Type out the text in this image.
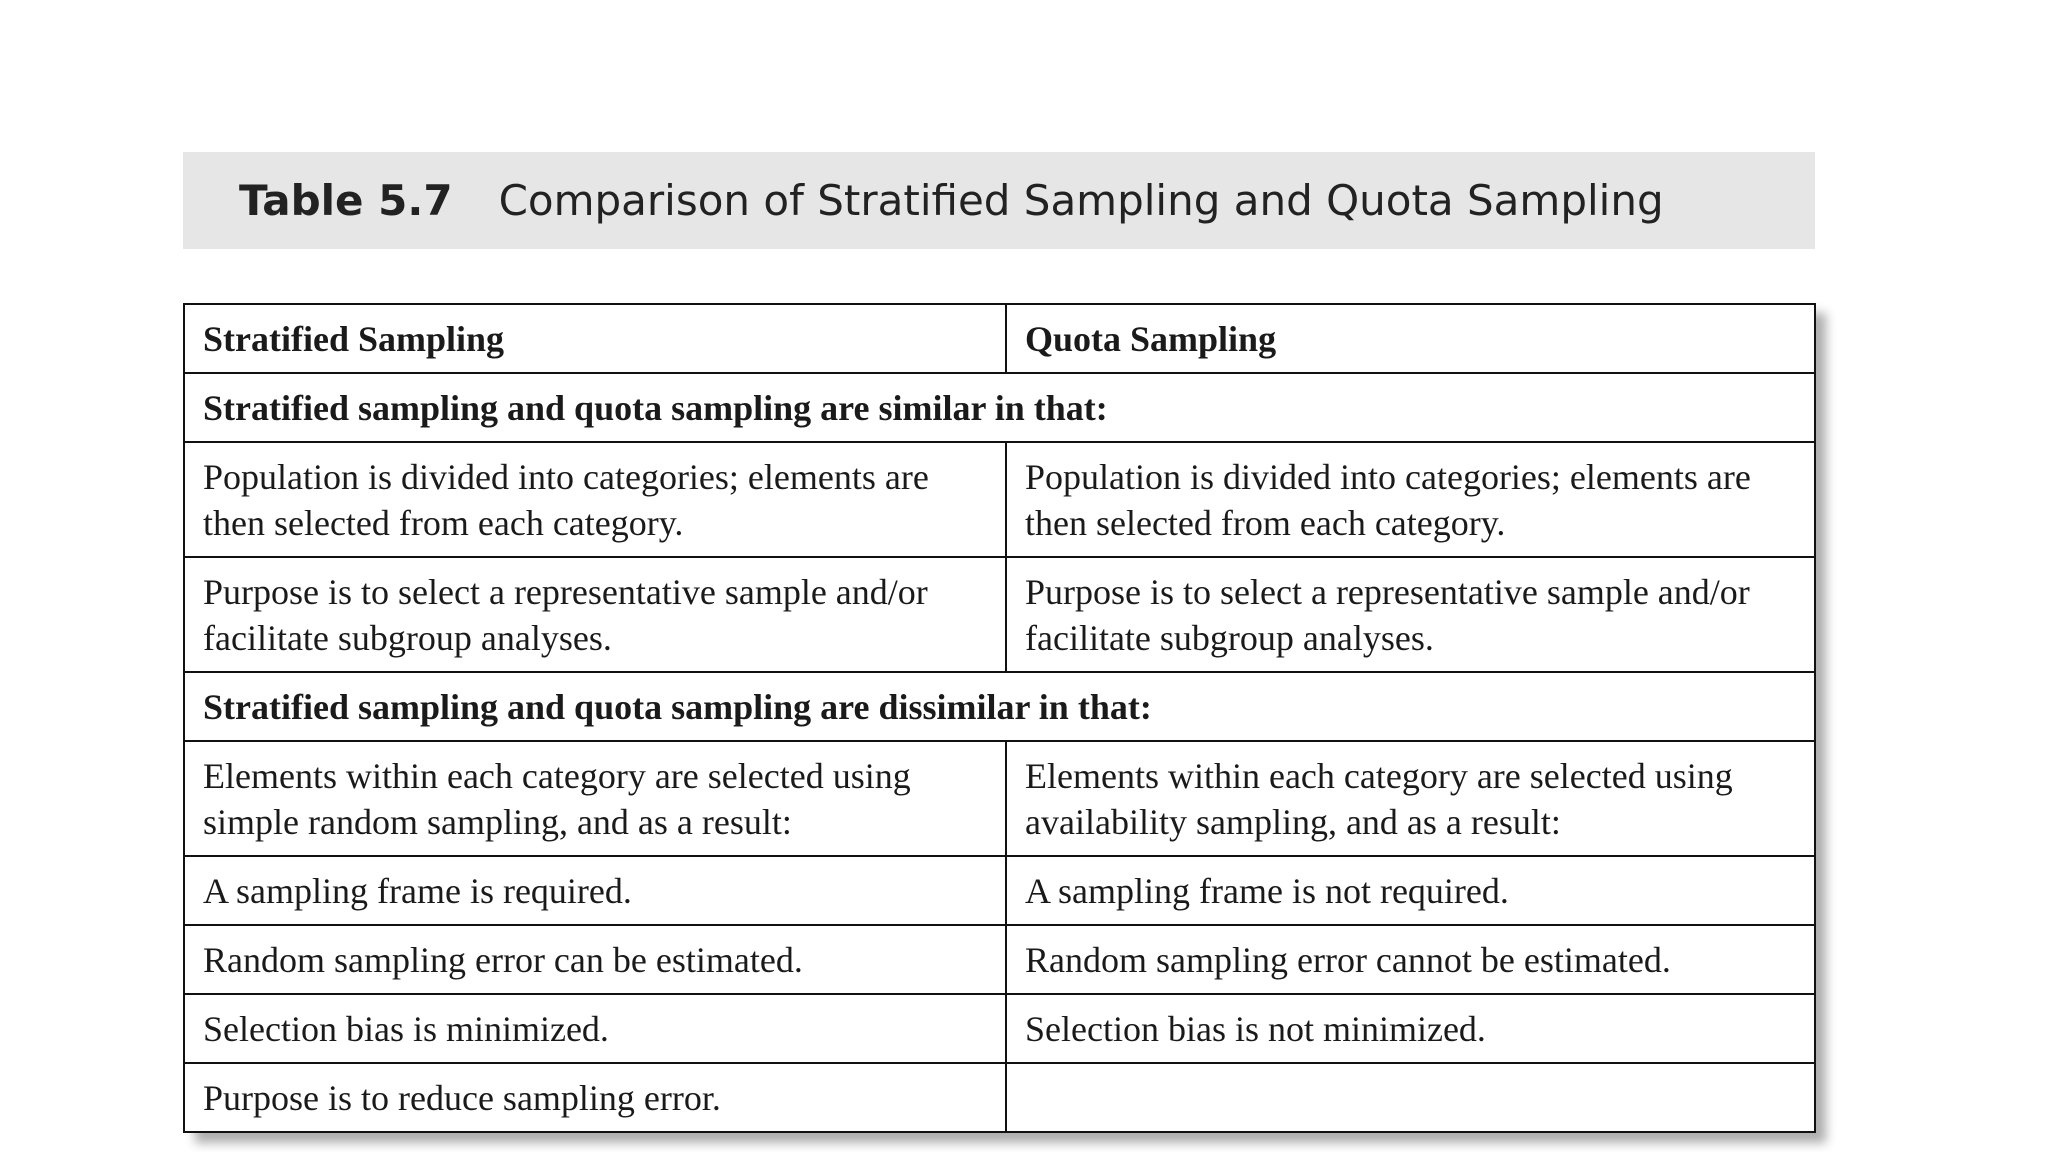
Table 5.7 Comparison of Stratified Sampling and Quota Sampling
Stratified Sampling	Quota Sampling
Stratified sampling and quota sampling are similar in that:	
Population is divided into categories; elements are then selected from each category.	Population is divided into categories; elements are then selected from each category.
Purpose is to select a representative sample and/or facilitate subgroup analyses.	Purpose is to select a representative sample and/or facilitate subgroup analyses.
Stratified sampling and quota sampling are dissimilar in that:	
Elements within each category are selected using simple random sampling, and as a result:	Elements within each category are selected using availability sampling, and as a result:
A sampling frame is required.	A sampling frame is not required.
Random sampling error can be estimated.	Random sampling error cannot be estimated.
Selection bias is minimized.	Selection bias is not minimized.
Purpose is to reduce sampling error.	
